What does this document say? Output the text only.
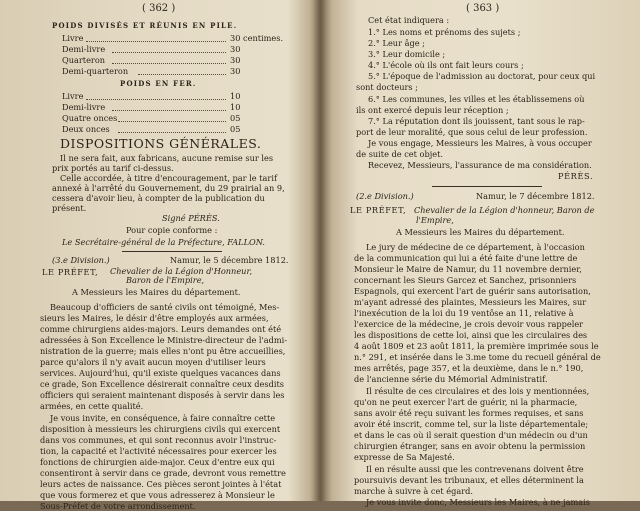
( 362 )
POIDS DIVISÉS ET RÉUNIS EN PILE.
Livre	30 centimes.
Demi-livre	30
Quarteron	30
Demi-quarteron	30
POIDS EN FER.
Livre	10
Demi-livre	10
Quatre onces	05
Deux onces	05
DISPOSITIONS GÉNÉRALES.
Il ne sera fait, aux fabricans, aucune remise sur les
prix portés au tarif ci-dessus.
Celle accordée, à titre d'encouragement, par le tarif
annexé à l'arrêté du Gouvernement, du 29 prairial an 9,
cessera d'avoir lieu, à compter de la publication du
présent.
Signé PÉRÈS.
Pour copie conforme :
Le Secrétaire-général de la Préfecture, FALLON.
(3.e Division.)	Namur, le 5 décembre 1812.
LE PRÉFET, Chevalier de la Légion d'Honneur,
Baron de l'Empire,
A Messieurs les Maires du département.
Beaucoup d'officiers de santé civils ont témoigné, Mes-
sieurs les Maires, le désir d'être employés aux armées,
comme chirurgiens aides-majors. Leurs demandes ont été
adressées à Son Excellence le Ministre-directeur de l'admi-
nistration de la guerre; mais elles n'ont pu être accueillies,
parce qu'alors il n'y avait aucun moyen d'utiliser leurs
services. Aujourd'hui, qu'il existe quelques vacances dans
ce grade, Son Excellence désirerait connaître ceux desdits
officiers qui seraient maintenant disposés à servir dans les
armées, en cette qualité.
Je vous invite, en conséquence, à faire connaître cette
disposition à messieurs les chirurgiens civils qui exercent
dans vos communes, et qui sont reconnus avoir l'instruc-
tion, la capacité et l'activité nécessaires pour exercer les
fonctions de chirurgien aide-major. Ceux d'entre eux qui
consentiront à servir dans ce grade, devront vous remettre
leurs actes de naissance. Ces pièces seront jointes à l'état
que vous formerez et que vous adresserez à Monsieur le
Sous-Préfet de votre arrondissement.
( 363 )
Cet état indiquera :
1.° Les noms et prénoms des sujets ;
2.° Leur âge ;
3.° Leur domicile ;
4.° L'école où ils ont fait leurs cours ;
5.° L'époque de l'admission au doctorat, pour ceux qui
sont docteurs ;
6.° Les communes, les villes et les établissemens où
ils ont exercé depuis leur réception ;
7.° La réputation dont ils jouissent, tant sous le rap-
port de leur moralité, que sous celui de leur profession.
Je vous engage, Messieurs les Maires, à vous occuper
de suite de cet objet.
Recevez, Messieurs, l'assurance de ma considération.
PÉRÈS.
(2.e Division.)	Namur, le 7 décembre 1812.
LE PRÉFET, Chevalier de la Légion d'honneur, Baron de
l'Empire,
A Messieurs les Maires du département.
Le jury de médecine de ce département, à l'occasion
de la communication qui lui a été faite d'une lettre de
Monsieur le Maire de Namur, du 11 novembre dernier,
concernant les Sieurs Garcez et Sanchez, prisonniers
Espagnols, qui exercent l'art de guérir sans autorisation,
m'ayant adressé des plaintes, Messieurs les Maires, sur
l'inexécution de la loi du 19 ventôse an 11, relative à
l'exercice de la médecine, je crois devoir vous rappeler
les dispositions de cette loi, ainsi que les circulaires des
4 août 1809 et 23 août 1811, la première imprimée sous le
n.° 291, et insérée dans le 3.me tome du recueil général de
mes arrêtés, page 357, et la deuxième, dans le n.° 190,
de l'ancienne série du Mémorial Administratif.
Il résulte de ces circulaires et des lois y mentionnées,
qu'on ne peut exercer l'art de guérir, ni la pharmacie,
sans avoir été reçu suivant les formes requises, et sans
avoir été inscrit, comme tel, sur la liste départementale;
et dans le cas où il serait question d'un médecin ou d'un
chirurgien étranger, sans en avoir obtenu la permission
expresse de Sa Majesté.
Il en résulte aussi que les contrevenans doivent être
poursuivis devant les tribunaux, et elles déterminent la
marche à suivre à cet égard.
Je vous invite donc, Messieurs les Maires, à ne jamais
